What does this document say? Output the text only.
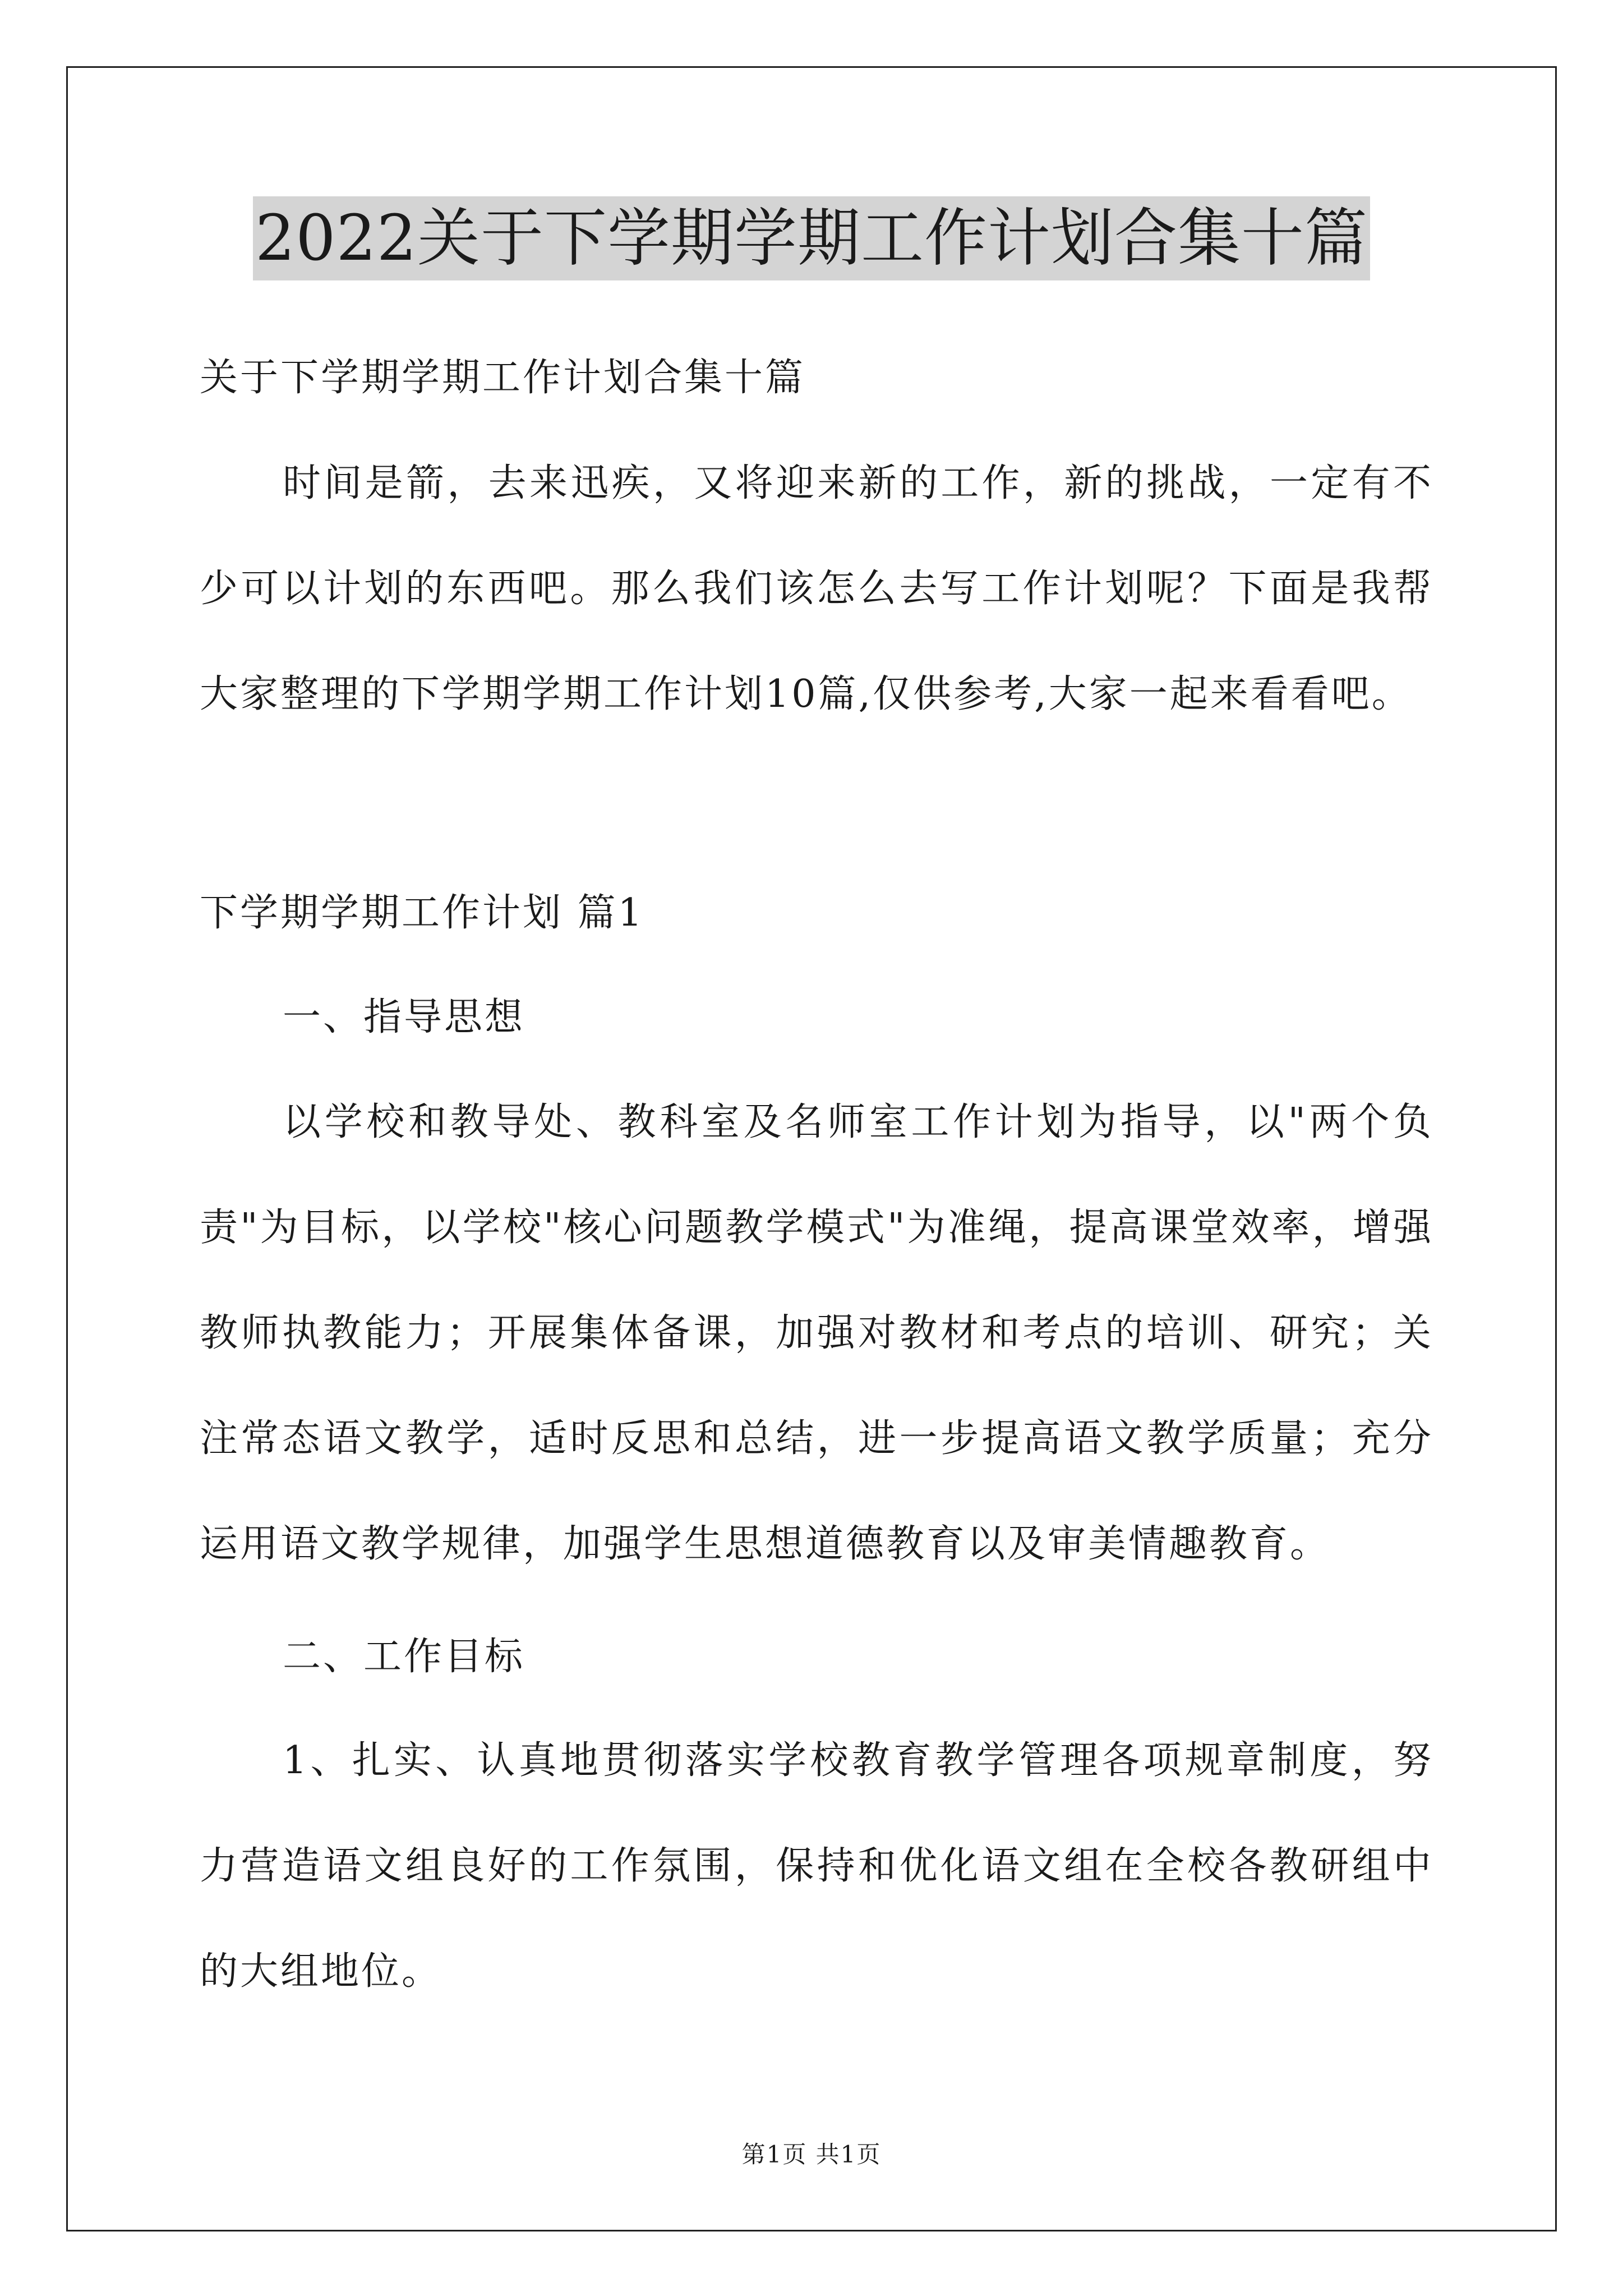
2022关于下学期学期工作计划合集十篇
关于下学期学期工作计划合集十篇
时间是箭，去来迅疾，又将迎来新的工作，新的挑战，一定有不少可以计划的东西吧。那么我们该怎么去写工作计划呢？下面是我帮大家整理的下学期学期工作计划10篇,仅供参考,大家一起来看看吧。
下学期学期工作计划 篇1
一、指导思想
以学校和教导处、教科室及名师室工作计划为指导，以"两个负责"为目标，以学校"核心问题教学模式"为准绳，提高课堂效率，增强教师执教能力；开展集体备课，加强对教材和考点的培训、研究；关注常态语文教学，适时反思和总结，进一步提高语文教学质量；充分运用语文教学规律，加强学生思想道德教育以及审美情趣教育。
二、工作目标
1、扎实、认真地贯彻落实学校教育教学管理各项规章制度，努力营造语文组良好的工作氛围，保持和优化语文组在全校各教研组中的大组地位。
第1页 共1页
